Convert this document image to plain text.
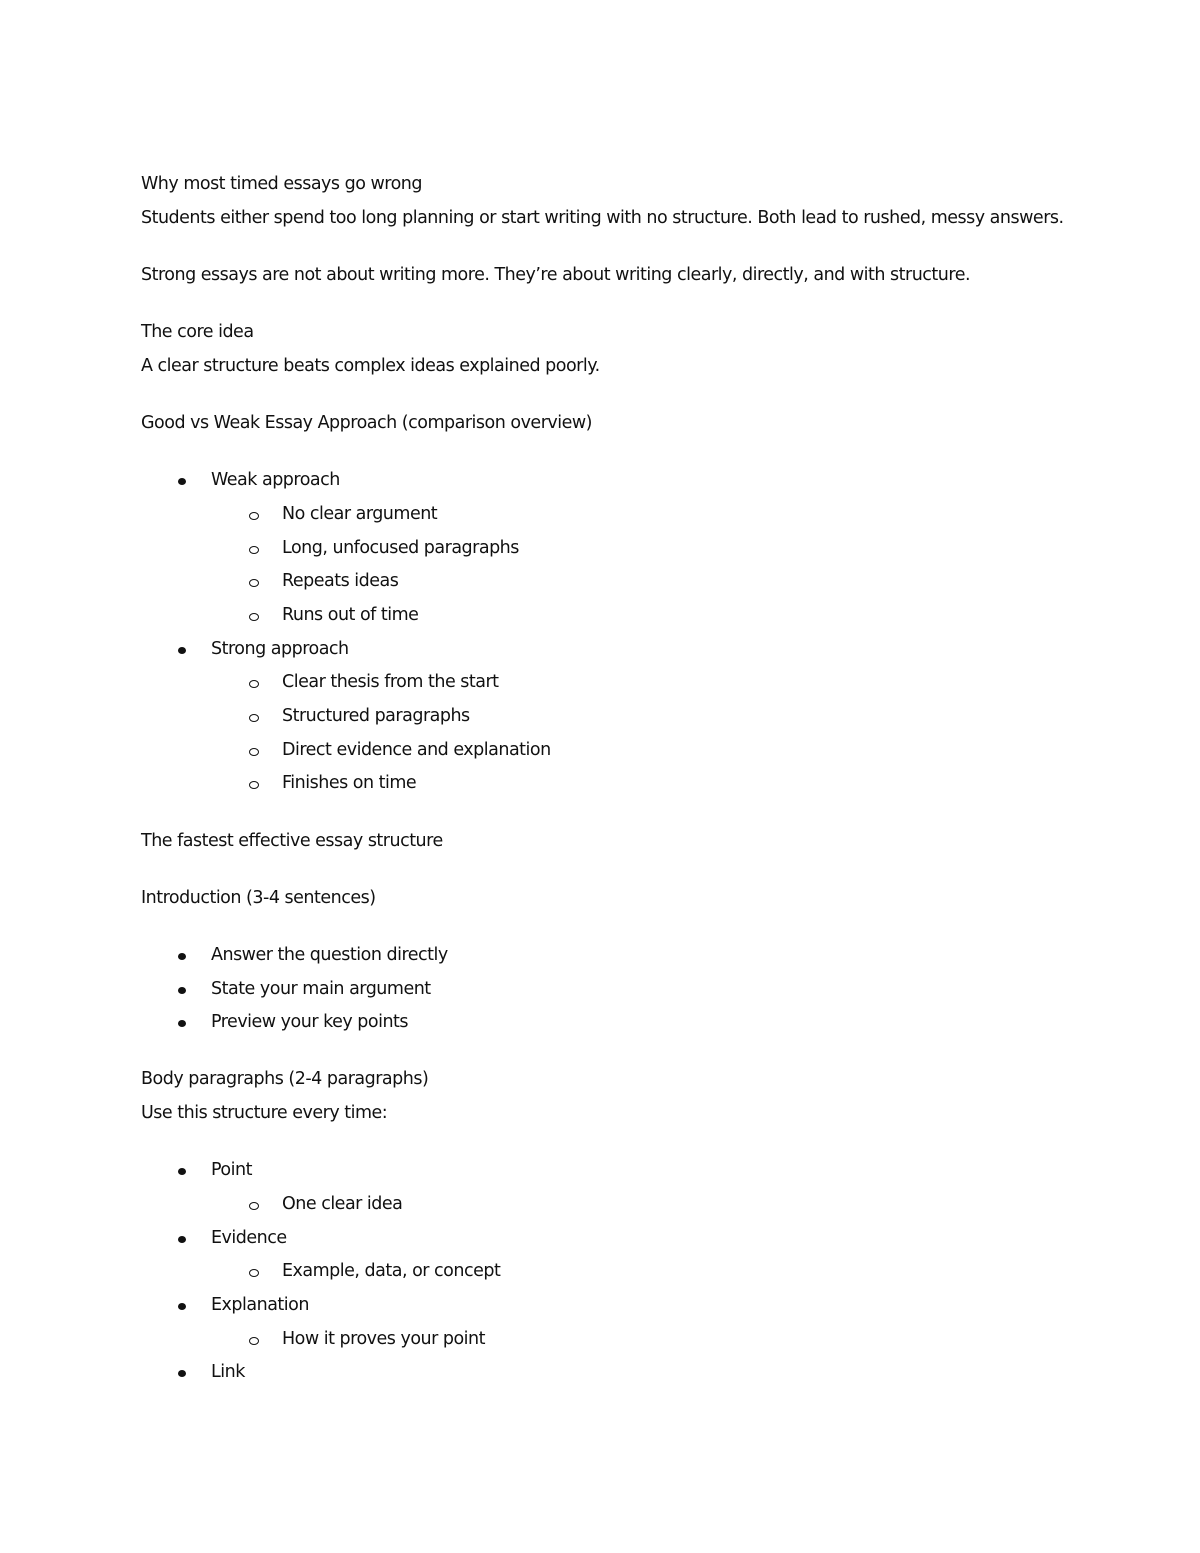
Why most timed essays go wrong
Students either spend too long planning or start writing with no structure. Both lead to rushed, messy answers.
Strong essays are not about writing more. They’re about writing clearly, directly, and with structure.
The core idea
A clear structure beats complex ideas explained poorly.
Good vs Weak Essay Approach (comparison overview)
Weak approach
No clear argument
Long, unfocused paragraphs
Repeats ideas
Runs out of time
Strong approach
Clear thesis from the start
Structured paragraphs
Direct evidence and explanation
Finishes on time
The fastest effective essay structure
Introduction (3-4 sentences)
Answer the question directly
State your main argument
Preview your key points
Body paragraphs (2-4 paragraphs)
Use this structure every time:
Point
One clear idea
Evidence
Example, data, or concept
Explanation
How it proves your point
Link
